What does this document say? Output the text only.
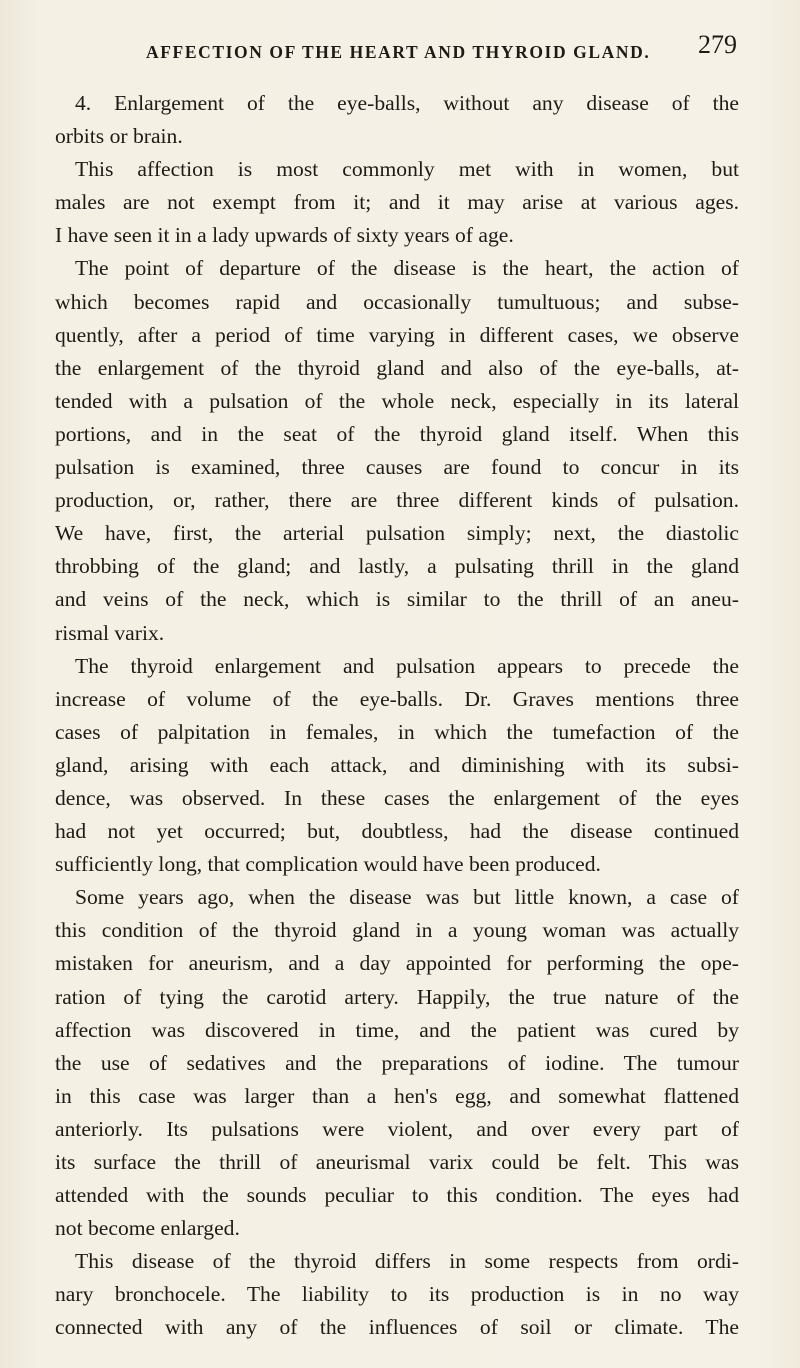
AFFECTION OF THE HEART AND THYROID GLAND. 279
4. Enlargement of the eye-balls, without any disease of the
orbits or brain.
This affection is most commonly met with in women, but
males are not exempt from it; and it may arise at various ages.
I have seen it in a lady upwards of sixty years of age.
The point of departure of the disease is the heart, the action of
which becomes rapid and occasionally tumultuous; and subse-
quently, after a period of time varying in different cases, we observe
the enlargement of the thyroid gland and also of the eye-balls, at-
tended with a pulsation of the whole neck, especially in its lateral
portions, and in the seat of the thyroid gland itself. When this
pulsation is examined, three causes are found to concur in its
production, or, rather, there are three different kinds of pulsation.
We have, first, the arterial pulsation simply; next, the diastolic
throbbing of the gland; and lastly, a pulsating thrill in the gland
and veins of the neck, which is similar to the thrill of an aneu-
rismal varix.
The thyroid enlargement and pulsation appears to precede the
increase of volume of the eye-balls. Dr. Graves mentions three
cases of palpitation in females, in which the tumefaction of the
gland, arising with each attack, and diminishing with its subsi-
dence, was observed. In these cases the enlargement of the eyes
had not yet occurred; but, doubtless, had the disease continued
sufficiently long, that complication would have been produced.
Some years ago, when the disease was but little known, a case of
this condition of the thyroid gland in a young woman was actually
mistaken for aneurism, and a day appointed for performing the ope-
ration of tying the carotid artery. Happily, the true nature of the
affection was discovered in time, and the patient was cured by
the use of sedatives and the preparations of iodine. The tumour
in this case was larger than a hen's egg, and somewhat flattened
anteriorly. Its pulsations were violent, and over every part of
its surface the thrill of aneurismal varix could be felt. This was
attended with the sounds peculiar to this condition. The eyes had
not become enlarged.
This disease of the thyroid differs in some respects from ordi-
nary bronchocele. The liability to its production is in no way
connected with any of the influences of soil or climate. The
